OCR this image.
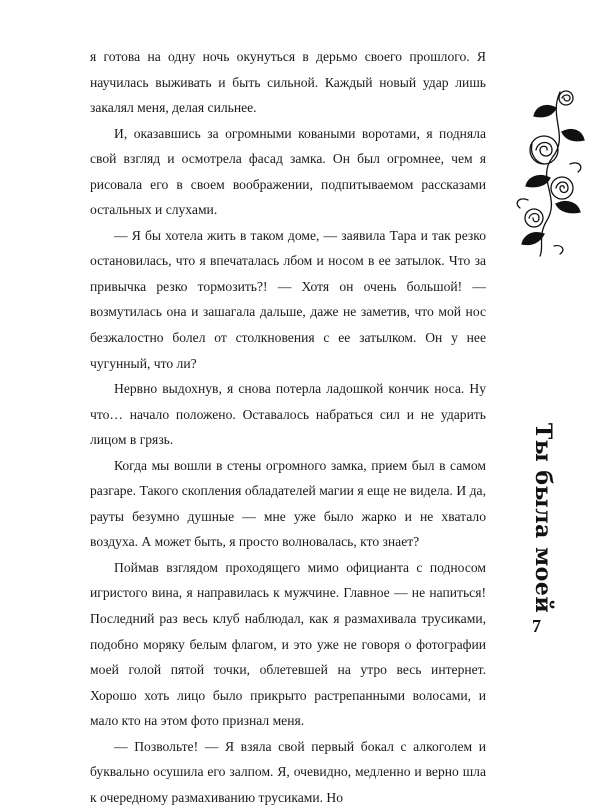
я готова на одну ночь окунуться в дерьмо своего прошлого. Я научилась выживать и быть сильной. Каждый новый удар лишь закалял меня, делая сильнее.

И, оказавшись за огромными коваными воротами, я подняла свой взгляд и осмотрела фасад замка. Он был огромнее, чем я рисовала его в своем воображении, подпитываемом рассказами остальных и слухами.

— Я бы хотела жить в таком доме, — заявила Тара и так резко остановилась, что я впечаталась лбом и носом в ее затылок. Что за привычка резко тормозить?! — Хотя он очень большой! — возмутилась она и зашагала дальше, даже не заметив, что мой нос безжалостно болел от столкновения с ее затылком. Он у нее чугунный, что ли?

Нервно выдохнув, я снова потерла ладошкой кончик носа. Ну что… начало положено. Оставалось набраться сил и не ударить лицом в грязь.

Когда мы вошли в стены огромного замка, прием был в самом разгаре. Такого скопления обладателей магии я еще не видела. И да, рауты безумно душные — мне уже было жарко и не хватало воздуха. А может быть, я просто волновалась, кто знает?

Поймав взглядом проходящего мимо официанта с подносом игристого вина, я направилась к мужчине. Главное — не напиться! Последний раз весь клуб наблюдал, как я размахивала трусиками, подобно моряку белым флагом, и это уже не говоря о фотографии моей голой пятой точки, облетевшей на утро весь интернет. Хорошо хоть лицо было прикрыто растрепанными волосами, и мало кто на этом фото признал меня.

— Позвольте! — Я взяла свой первый бокал с алкоголем и буквально осушила его залпом. Я, очевидно, медленно и верно шла к очередному размахиванию трусиками. Но

Ты была моей
7
